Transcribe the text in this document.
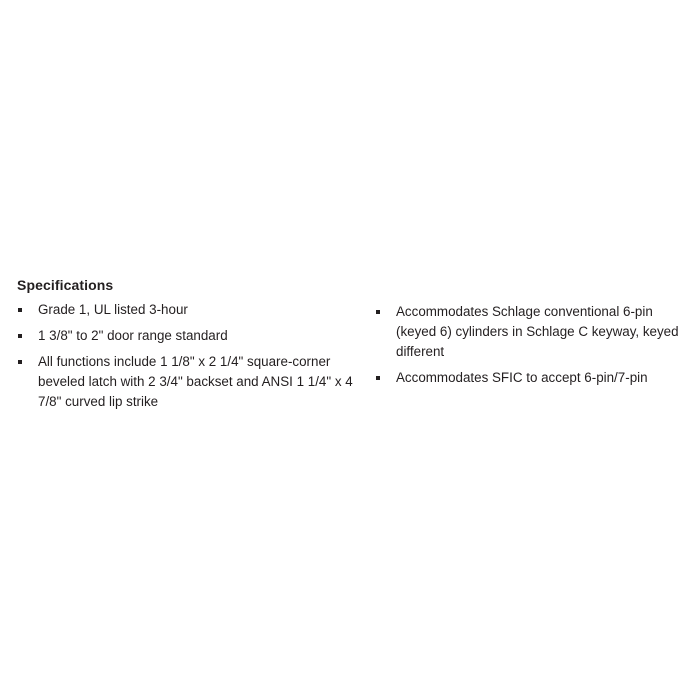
Specifications
Grade 1, UL listed 3-hour
1 3/8" to 2" door range standard
All functions include 1 1/8" x 2 1/4" square-corner beveled latch with 2 3/4" backset and ANSI 1 1/4" x 4 7/8" curved lip strike
Accommodates Schlage conventional 6-pin (keyed 6) cylinders in Schlage C keyway, keyed different
Accommodates SFIC to accept 6-pin/7-pin
